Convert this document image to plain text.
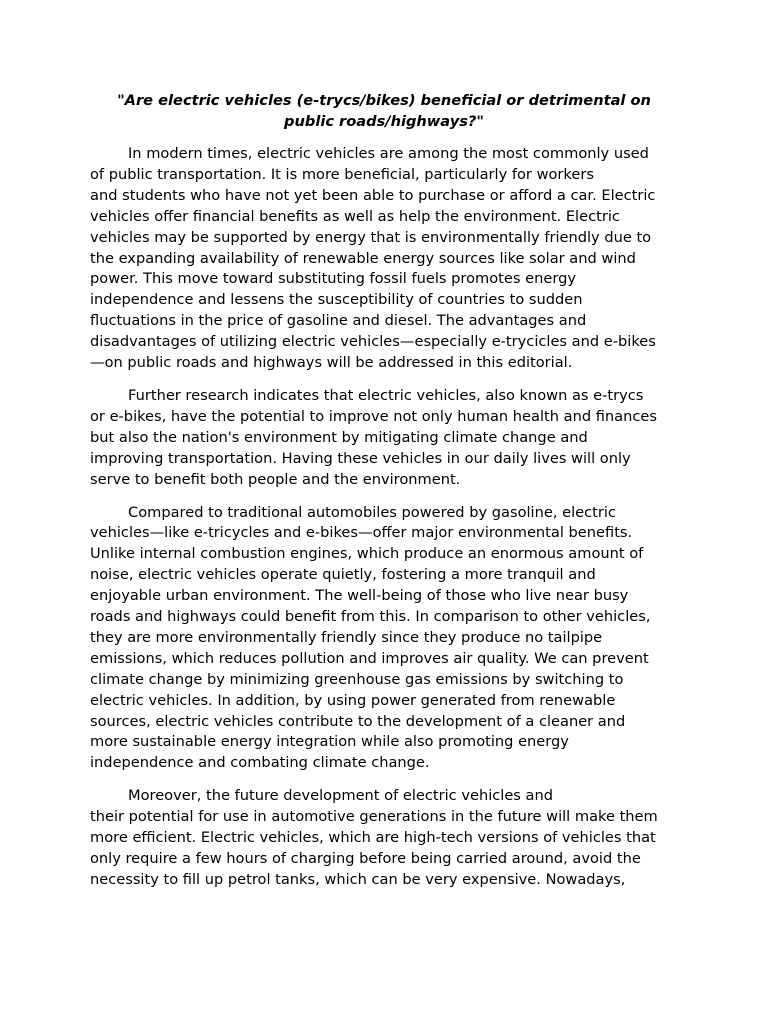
"Are electric vehicles (e-trycs/bikes) beneficial or detrimental on
public roads/highways?"
In modern times, electric vehicles are among the most commonly used
of public transportation. It is more beneficial, particularly for workers
and students who have not yet been able to purchase or afford a car. Electric
vehicles offer financial benefits as well as help the environment. Electric
vehicles may be supported by energy that is environmentally friendly due to
the expanding availability of renewable energy sources like solar and wind
power. This move toward substituting fossil fuels promotes energy
independence and lessens the susceptibility of countries to sudden
fluctuations in the price of gasoline and diesel. The advantages and
disadvantages of utilizing electric vehicles—especially e-trycicles and e-bikes
—on public roads and highways will be addressed in this editorial.
Further research indicates that electric vehicles, also known as e-trycs
or e-bikes, have the potential to improve not only human health and finances
but also the nation's environment by mitigating climate change and
improving transportation. Having these vehicles in our daily lives will only
serve to benefit both people and the environment.
Compared to traditional automobiles powered by gasoline, electric
vehicles—like e-tricycles and e-bikes—offer major environmental benefits.
Unlike internal combustion engines, which produce an enormous amount of
noise, electric vehicles operate quietly, fostering a more tranquil and
enjoyable urban environment. The well-being of those who live near busy
roads and highways could benefit from this. In comparison to other vehicles,
they are more environmentally friendly since they produce no tailpipe
emissions, which reduces pollution and improves air quality. We can prevent
climate change by minimizing greenhouse gas emissions by switching to
electric vehicles. In addition, by using power generated from renewable
sources, electric vehicles contribute to the development of a cleaner and
more sustainable energy integration while also promoting energy
independence and combating climate change.
Moreover, the future development of electric vehicles and
their potential for use in automotive generations in the future will make them
more efficient. Electric vehicles, which are high-tech versions of vehicles that
only require a few hours of charging before being carried around, avoid the
necessity to fill up petrol tanks, which can be very expensive. Nowadays,
